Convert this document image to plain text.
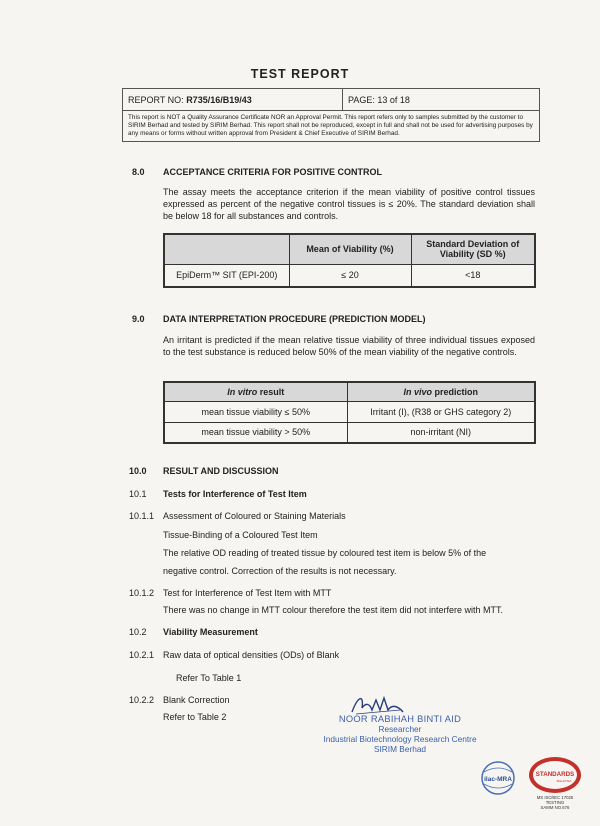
TEST REPORT
REPORT NO: R735/16/B19/43	PAGE: 13 of 18
This report is NOT a Quality Assurance Certificate NOR an Approval Permit. This report refers only to samples submitted by the customer to SIRIM Berhad and tested by SIRIM Berhad. This report shall not be reproduced, except in full and shall not be used for advertising purposes by any means or forms without written approval from President & Chief Executive of SIRIM Berhad.
8.0 ACCEPTANCE CRITERIA FOR POSITIVE CONTROL
The assay meets the acceptance criterion if the mean viability of positive control tissues expressed as percent of the negative control tissues is ≤ 20%. The standard deviation shall be below 18 for all substances and controls.
	Mean of Viability (%)	Standard Deviation of Viability (SD %)
EpiDerm™ SIT (EPI-200)	≤ 20	<18
9.0 DATA INTERPRETATION PROCEDURE (PREDICTION MODEL)
An irritant is predicted if the mean relative tissue viability of three individual tissues exposed to the test substance is reduced below 50% of the mean viability of the negative controls.
In vitro result	In vivo prediction
mean tissue viability ≤ 50%	Irritant (I), (R38 or GHS category 2)
mean tissue viability > 50%	non-irritant (NI)
10.0 RESULT AND DISCUSSION
10.1 Tests for Interference of Test Item
10.1.1 Assessment of Coloured or Staining Materials
Tissue-Binding of a Coloured Test Item
The relative OD reading of treated tissue by coloured test item is below 5% of the
negative control. Correction of the results is not necessary.
10.1.2 Test for Interference of Test Item with MTT
There was no change in MTT colour therefore the test item did not interfere with MTT.
10.2 Viability Measurement
10.2.1 Raw data of optical densities (ODs) of Blank
Refer To Table 1
10.2.2 Blank Correction
Refer to Table 2	NOOR RABIHAH BINTI AID
Researcher
Industrial Biotechnology Research Centre
SIRIM Berhad
ilac-MRA
STANDARDS
MALAYSIA
MS ISO/IEC 17025
TESTING
SAMM NO.676
